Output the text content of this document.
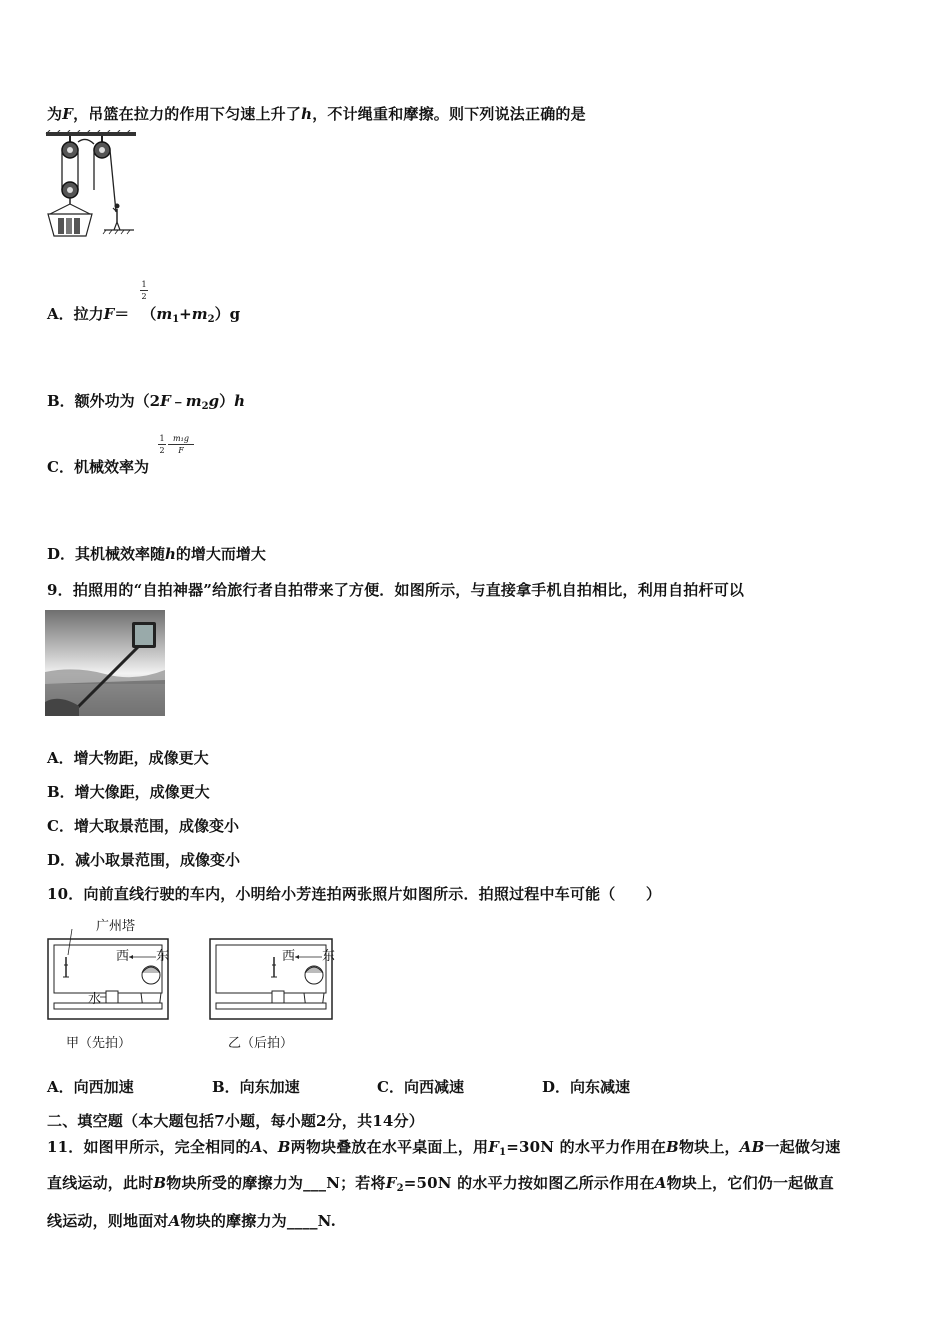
为F，吊篮在拉力的作用下匀速上升了h，不计绳重和摩擦。则下列说法正确的是
A．拉力$F= (m_1+m_2)g$
1
2
B．额外功为$(2F﹣m_2g)h$
C．机械效率为
1
2
m₁g
F
D．其机械效率随h的增大而增大
9．拍照用的“自拍神器”给旅行者自拍带来了方便．如图所示，与直接拿手机自拍相比，利用自拍杆可以
A．增大物距，成像更大
B．增大像距，成像更大
C．增大取景范围，成像变小
D．减小取景范围，成像变小
10．向前直线行驶的车内，小明给小芳连拍两张照片如图所示．拍照过程中车可能（　　）
广州塔
西 东
水
甲（先拍）
西 东
乙（后拍）
A．向西加速	B．向东加速	C．向西减速	D．向东减速
二、填空题（本大题包括7小题，每小题2分，共14分）
11．如图甲所示，完全相同的A、B两物块叠放在水平桌面上，用$F_1=30N$ 的水平力作用在B物块上，AB一起做匀速
直线运动，此时B物块所受的摩擦力为___N；若将$F_2=50N$ 的水平力按如图乙所示作用在A物块上，它们仍一起做直
线运动，则地面对A物块的摩擦力为____N.
